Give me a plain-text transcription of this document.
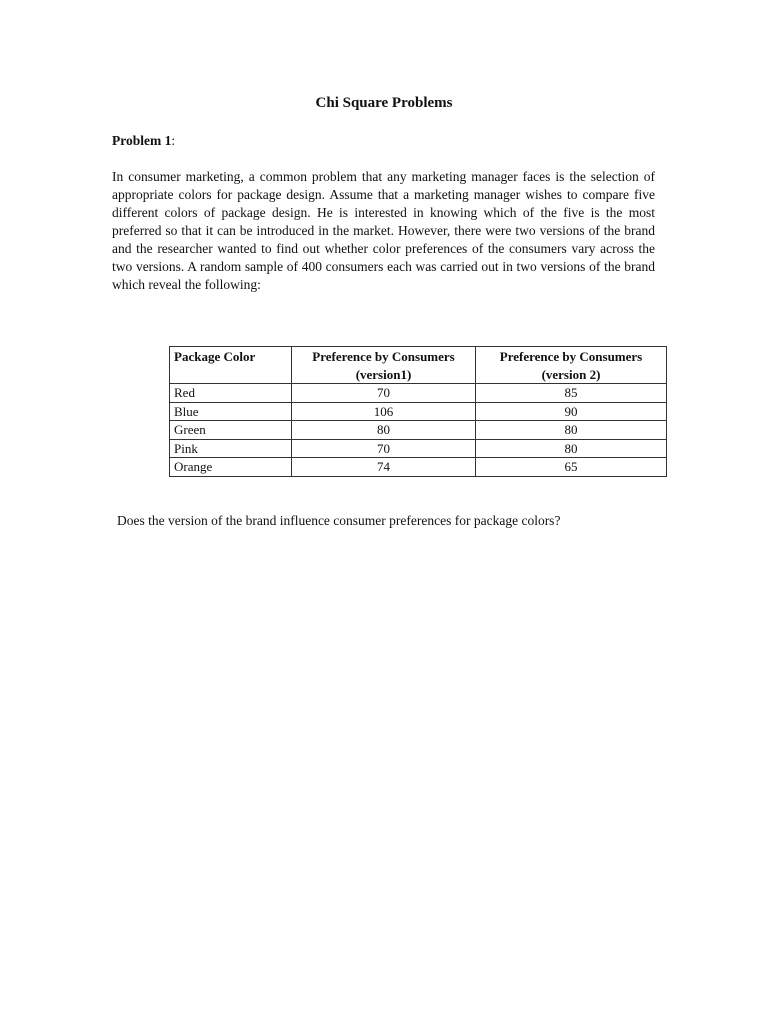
Chi Square Problems
Problem 1:
In consumer marketing, a common problem that any marketing manager faces is the selection of appropriate colors for package design. Assume that a marketing manager wishes to compare five different colors of package design. He is interested in knowing which of the five is the most preferred so that it can be introduced in the market. However, there were two versions of the brand and the researcher wanted to find out whether color preferences of the consumers vary across the two versions. A random sample of 400 consumers each was carried out in two versions of the brand which reveal the following:
Package Color	Preference by Consumers (version1)	Preference by Consumers (version 2)
Red	70	85
Blue	106	90
Green	80	80
Pink	70	80
Orange	74	65
Does the version of the brand influence consumer preferences for package colors?
